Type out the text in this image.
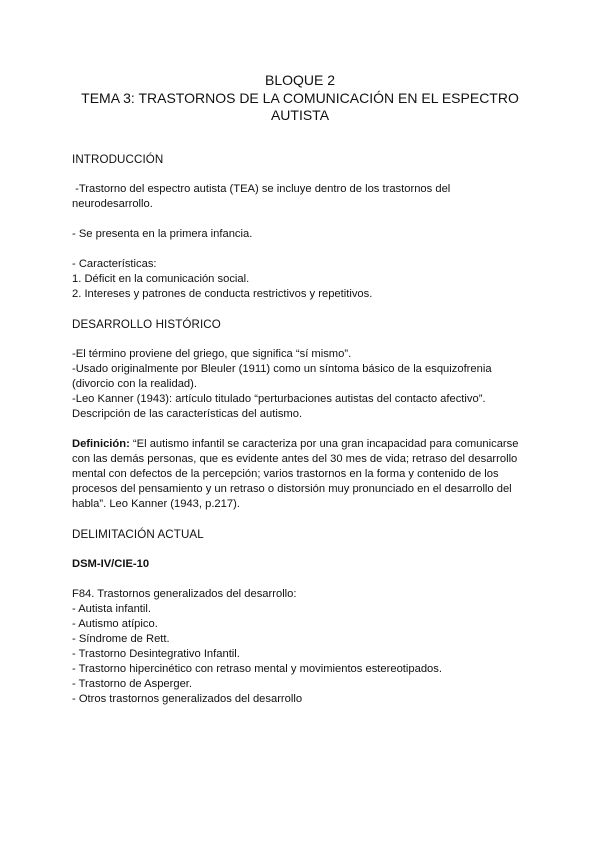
BLOQUE 2
TEMA 3: TRASTORNOS DE LA COMUNICACIÓN EN EL ESPECTRO
AUTISTA
INTRODUCCIÓN

-Trastorno del espectro autista (TEA) se incluye dentro de los trastornos del
neurodesarrollo.

- Se presenta en la primera infancia.

- Características:
1. Déficit en la comunicación social.
2. Intereses y patrones de conducta restrictivos y repetitivos.

DESARROLLO HISTÓRICO

-El término proviene del griego, que significa “sí mismo”.
-Usado originalmente por Bleuler (1911) como un síntoma básico de la esquizofrenia
(divorcio con la realidad).
-Leo Kanner (1943): artículo titulado “perturbaciones autistas del contacto afectivo”.
Descripción de las características del autismo.

Definición: “El autismo infantil se caracteriza por una gran incapacidad para comunicarse
con las demás personas, que es evidente antes del 30 mes de vida; retraso del desarrollo
mental con defectos de la percepción; varios trastornos en la forma y contenido de los
procesos del pensamiento y un retraso o distorsión muy pronunciado en el desarrollo del
habla”. Leo Kanner (1943, p.217).

DELIMITACIÓN ACTUAL

DSM-IV/CIE-10

F84. Trastornos generalizados del desarrollo:
- Autista infantil.
- Autismo atípico.
- Síndrome de Rett.
- Trastorno Desintegrativo Infantil.
- Trastorno hipercinético con retraso mental y movimientos estereotipados.
- Trastorno de Asperger.
- Otros trastornos generalizados del desarrollo
